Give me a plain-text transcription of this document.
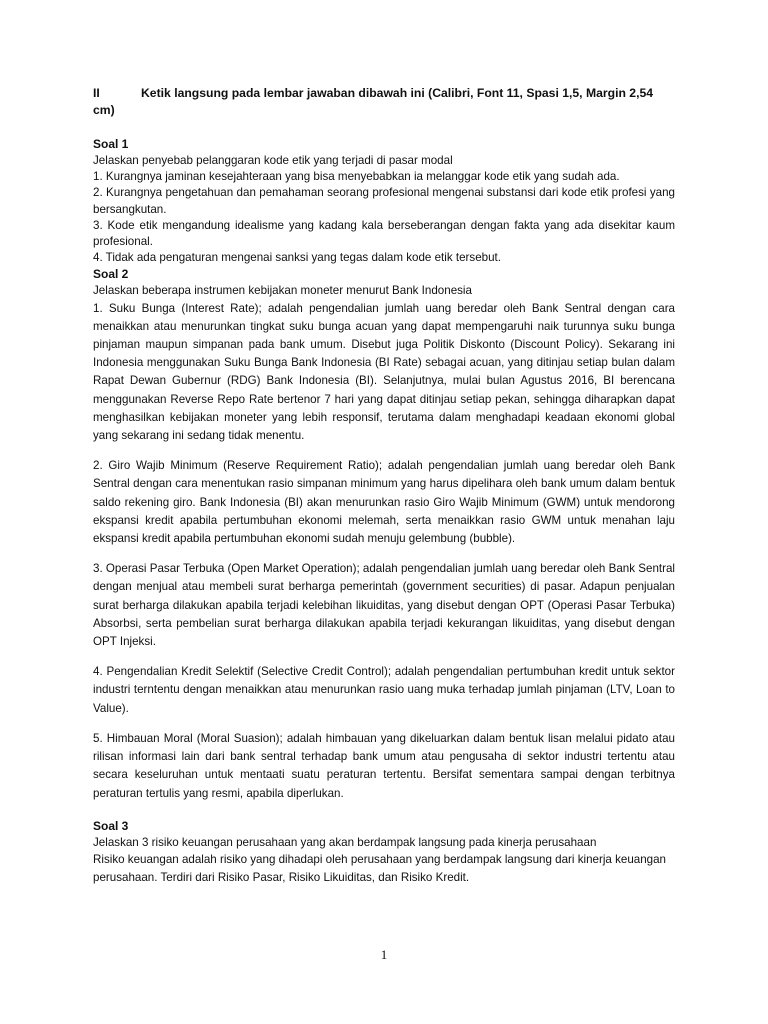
II	Ketik langsung pada lembar jawaban dibawah ini (Calibri, Font 11, Spasi 1,5, Margin 2,54
cm)
Soal 1

Jelaskan penyebab pelanggaran kode etik yang terjadi di pasar modal

1. Kurangnya jaminan kesejahteraan yang bisa menyebabkan ia melanggar kode etik yang sudah ada.

2. Kurangnya pengetahuan dan pemahaman seorang profesional mengenai substansi dari kode etik profesi yang bersangkutan.

3. Kode etik mengandung idealisme yang kadang kala berseberangan dengan fakta yang ada disekitar kaum profesional.

4. Tidak ada pengaturan mengenai sanksi yang tegas dalam kode etik tersebut.

Soal 2

Jelaskan beberapa instrumen kebijakan moneter menurut Bank Indonesia

1. Suku Bunga (Interest Rate); adalah pengendalian jumlah uang beredar oleh Bank Sentral dengan cara menaikkan atau menurunkan tingkat suku bunga acuan yang dapat mempengaruhi naik turunnya suku bunga pinjaman maupun simpanan pada bank umum. Disebut juga Politik Diskonto (Discount Policy). Sekarang ini Indonesia menggunakan Suku Bunga Bank Indonesia (BI Rate) sebagai acuan, yang ditinjau setiap bulan dalam Rapat Dewan Gubernur (RDG) Bank Indonesia (BI). Selanjutnya, mulai bulan Agustus 2016, BI berencana menggunakan Reverse Repo Rate bertenor 7 hari yang dapat ditinjau setiap pekan, sehingga diharapkan dapat menghasilkan kebijakan moneter yang lebih responsif, terutama dalam menghadapi keadaan ekonomi global yang sekarang ini sedang tidak menentu.

2. Giro Wajib Minimum (Reserve Requirement Ratio); adalah pengendalian jumlah uang beredar oleh Bank Sentral dengan cara menentukan rasio simpanan minimum yang harus dipelihara oleh bank umum dalam bentuk saldo rekening giro. Bank Indonesia (BI) akan menurunkan rasio Giro Wajib Minimum (GWM) untuk mendorong ekspansi kredit apabila pertumbuhan ekonomi melemah, serta menaikkan rasio GWM untuk menahan laju ekspansi kredit apabila pertumbuhan ekonomi sudah menuju gelembung (bubble).

3. Operasi Pasar Terbuka (Open Market Operation); adalah pengendalian jumlah uang beredar oleh Bank Sentral dengan menjual atau membeli surat berharga pemerintah (government securities) di pasar. Adapun penjualan surat berharga dilakukan apabila terjadi kelebihan likuiditas, yang disebut dengan OPT (Operasi Pasar Terbuka) Absorbsi, serta pembelian surat berharga dilakukan apabila terjadi kekurangan likuiditas, yang disebut dengan OPT Injeksi.

4. Pengendalian Kredit Selektif (Selective Credit Control); adalah pengendalian pertumbuhan kredit untuk sektor industri terntentu dengan menaikkan atau menurunkan rasio uang muka terhadap jumlah pinjaman (LTV, Loan to Value).

5. Himbauan Moral (Moral Suasion); adalah himbauan yang dikeluarkan dalam bentuk lisan melalui pidato atau rilisan informasi lain dari bank sentral terhadap bank umum atau pengusaha di sektor industri tertentu atau secara keseluruhan untuk mentaati suatu peraturan tertentu. Bersifat sementara sampai dengan terbitnya peraturan tertulis yang resmi, apabila diperlukan.

Soal 3

Jelaskan 3 risiko keuangan perusahaan yang akan berdampak langsung pada kinerja perusahaan

Risiko keuangan adalah risiko yang dihadapi oleh perusahaan yang berdampak langsung dari kinerja keuangan perusahaan. Terdiri dari Risiko Pasar, Risiko Likuiditas, dan Risiko Kredit.

1
